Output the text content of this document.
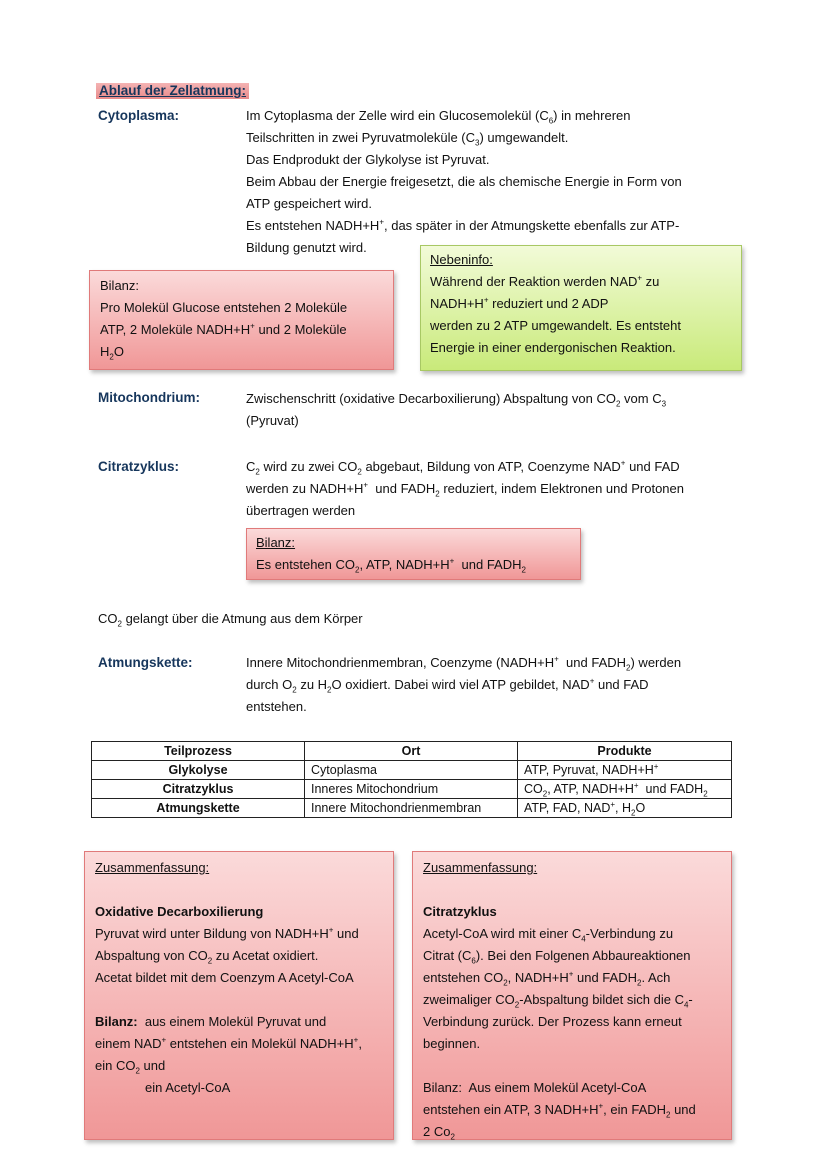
Ablauf der Zellatmung:
Cytoplasma:	Im Cytoplasma der Zelle wird ein Glucosemolekül $(C_6)$ in mehreren
Teilschritten in zwei Pyruvatmoleküle $(C_3)$ umgewandelt.
Das Endprodukt der Glykolyse ist Pyruvat.
Beim Abbau der Energie freigesetzt, die als chemische Energie in Form von
ATP gespeichert wird.
Es entstehen NADH+H+, das später in der Atmungskette ebenfalls zur ATP-
Bildung genutzt wird.
Bilanz:
Pro Molekül Glucose entstehen 2 Moleküle
ATP, 2 Moleküle NADH+H+ und 2 Moleküle
$H_2O$
Nebeninfo:
Während der Reaktion werden NAD+ zu
NADH+H+ reduziert und 2 ADP
werden zu 2 ATP umgewandelt. Es entsteht
Energie in einer endergonischen Reaktion.
Mitochondrium:	Zwischenschritt (oxidative Decarboxilierung) Abspaltung von $CO_2$ vom $C_3$
(Pyruvat)
Citratzyklus:	$C_2$ wird zu zwei $CO_2$ abgebaut, Bildung von ATP, Coenzyme NAD+ und FAD
werden zu NADH+H+  und $FADH_2$ reduziert, indem Elektronen und Protonen
übertragen werden
Bilanz:
Es entstehen $CO_2$, ATP, NADH+H+  und $FADH_2$
$CO_2$ gelangt über die Atmung aus dem Körper
Atmungskette:	Innere Mitochondrienmembran, Coenzyme (NADH+H+  und $FADH_2$) werden
durch $O_2$ zu $H_2O$ oxidiert. Dabei wird viel ATP gebildet, NAD+ und FAD
entstehen.
Teilprozess	Ort	Produkte
Glykolyse	Cytoplasma	ATP, Pyruvat, NADH+H+
Citratzyklus	Inneres Mitochondrium	$CO_2$, ATP, NADH+H+  und $FADH_2$
Atmungskette	Innere Mitochondrienmembran	ATP, FAD, NAD+, $H_2O$
Zusammenfassung:

Oxidative Decarboxilierung
Pyruvat wird unter Bildung von NADH+H+ und
Abspaltung von $CO_2$ zu Acetat oxidiert.
Acetat bildet mit dem Coenzym A Acetyl-CoA

Bilanz:  aus einem Molekül Pyruvat und
einem NAD+ entstehen ein Molekül NADH+H+,
ein $CO_2$ und
ein Acetyl-CoA
Zusammenfassung:

Citratzyklus
Acetyl-CoA wird mit einer $C_4$-Verbindung zu
Citrat $(C_6)$. Bei den Folgenen Abbaureaktionen
entstehen $CO_2$, NADH+H+ und $FADH_2$. Ach
zweimaliger $CO_2$-Abspaltung bildet sich die $C_4-$
Verbindung zurück. Der Prozess kann erneut
beginnen.

Bilanz:  Aus einem Molekül Acetyl-CoA
entstehen ein ATP, 3 NADH+H+, ein $FADH_2$ und
2 $Co_2$
